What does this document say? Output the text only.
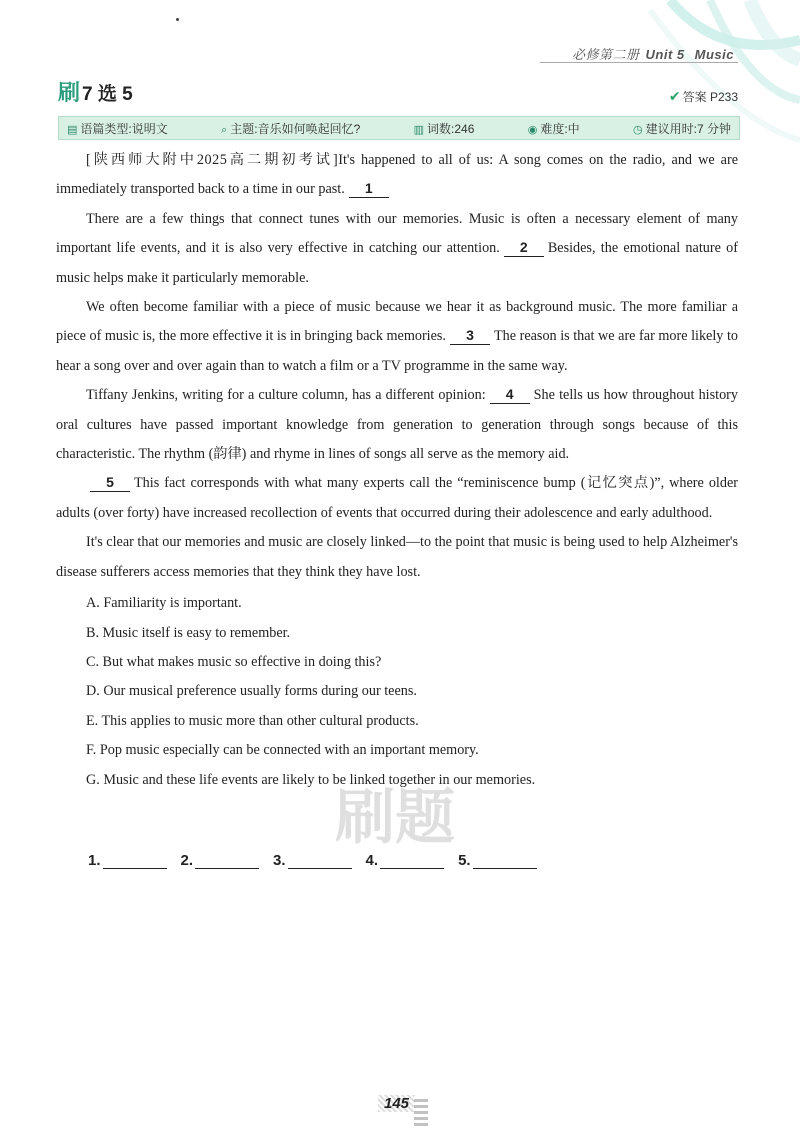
必修第二册 Unit 5 Music
刷 7 选 5	✔ 答案 P233
▤ 语篇类型:说明文	⌕ 主题:音乐如何唤起回忆?	▥ 词数:246	◉ 难度:中	◷ 建议用时:7 分钟

[陕西师大附中2025高二期初考试]It's happened to all of us: A song comes on the radio, and we are immediately transported back to a time in our past. 1

There are a few things that connect tunes with our memories. Music is often a necessary element of many important life events, and it is also very effective in catching our attention. 2 Besides, the emotional nature of music helps make it particularly memorable.

We often become familiar with a piece of music because we hear it as background music. The more familiar a piece of music is, the more effective it is in bringing back memories. 3 The reason is that we are far more likely to hear a song over and over again than to watch a film or a TV programme in the same way.

Tiffany Jenkins, writing for a culture column, has a different opinion: 4 She tells us how throughout history oral cultures have passed important knowledge from generation to generation through songs because of this characteristic. The rhythm (韵律) and rhyme in lines of songs all serve as the memory aid.

5 This fact corresponds with what many experts call the “reminiscence bump (记忆突点)”, where older adults (over forty) have increased recollection of events that occurred during their adolescence and early adulthood.

It's clear that our memories and music are closely linked—to the point that music is being used to help Alzheimer's disease sufferers access memories that they think they have lost.

A. Familiarity is important.

B. Music itself is easy to remember.

C. But what makes music so effective in doing this?

D. Our musical preference usually forms during our teens.

E. This applies to music more than other cultural products.

F. Pop music especially can be connected with an important memory.

G. Music and these life events are likely to be linked together in our memories.

刷题
1.	2.	3.	4.	5.
145
